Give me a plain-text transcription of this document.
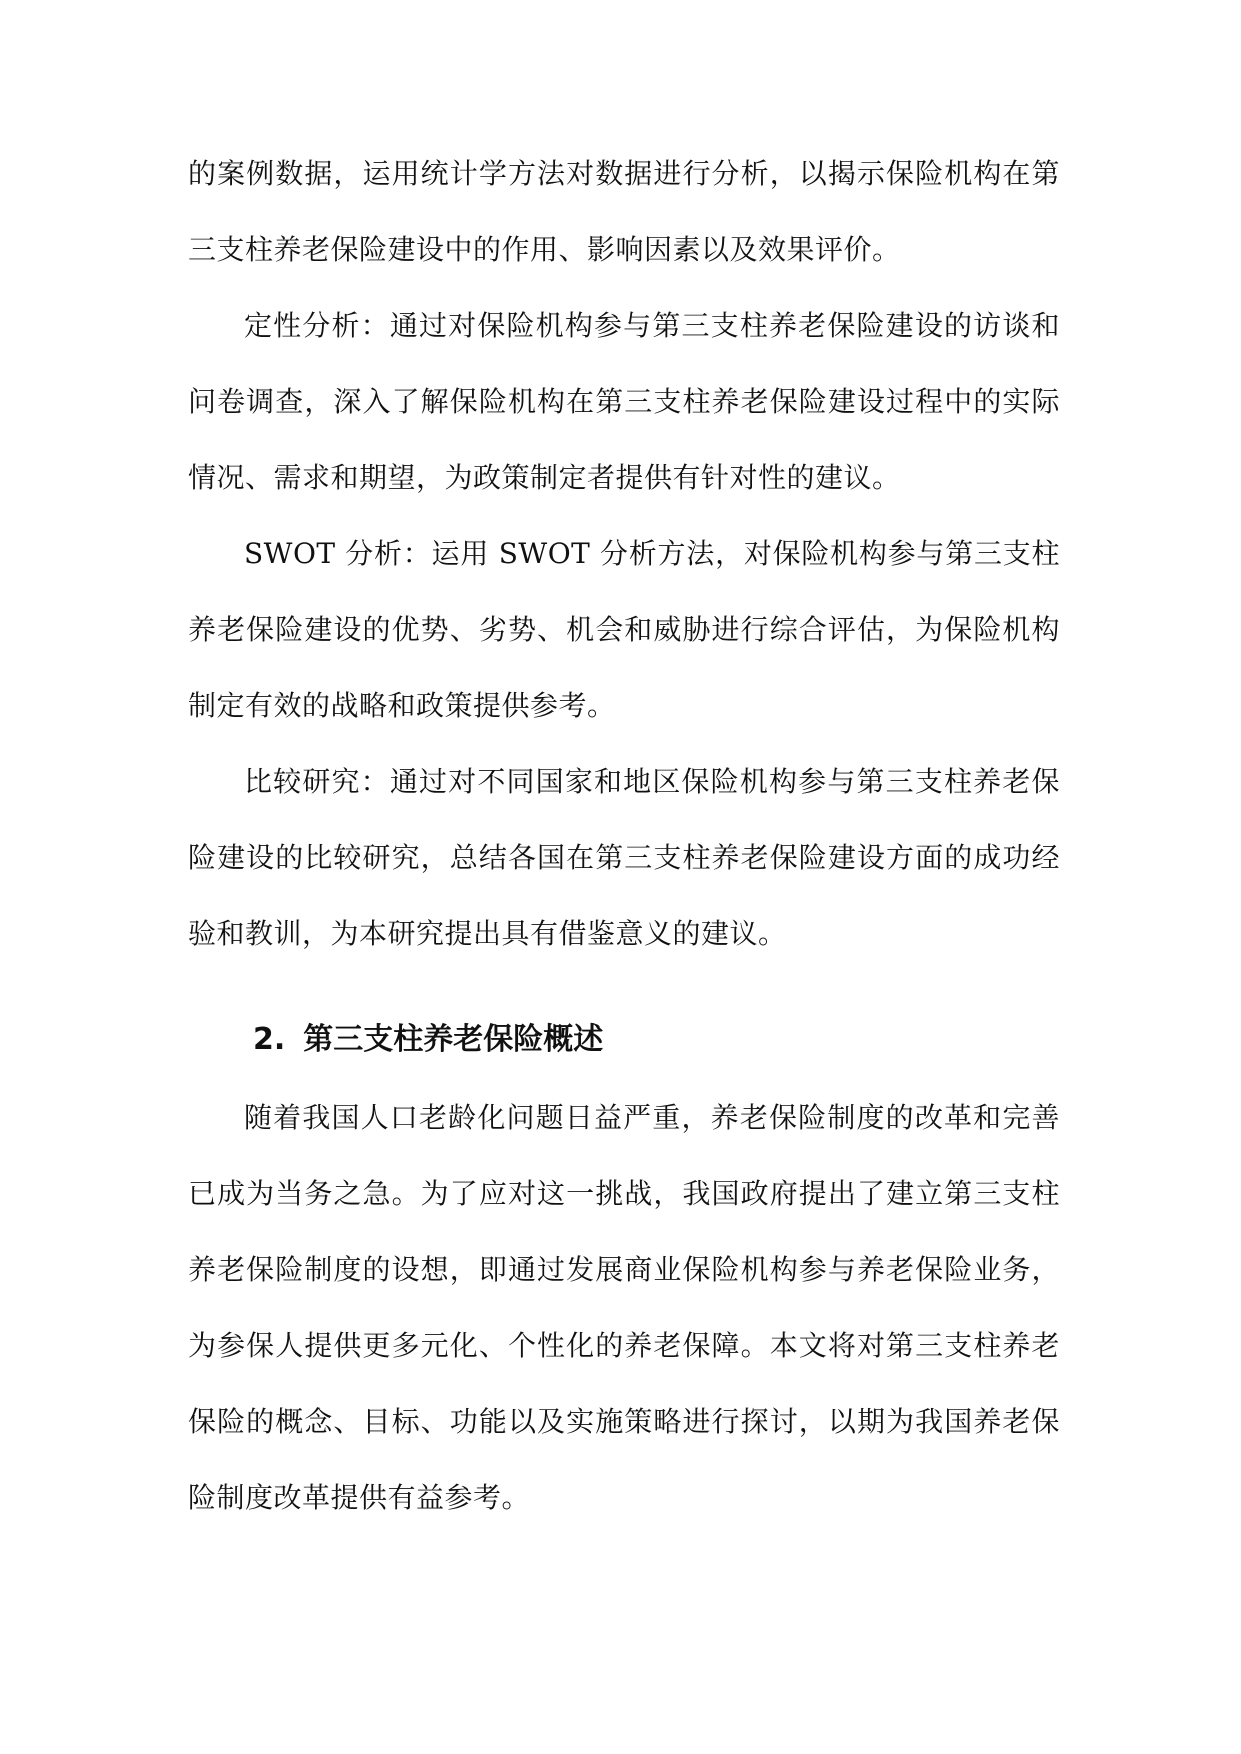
的案例数据，运用统计学方法对数据进行分析，以揭示保险机构在第三支柱养老保险建设中的作用、影响因素以及效果评价。

定性分析：通过对保险机构参与第三支柱养老保险建设的访谈和问卷调查，深入了解保险机构在第三支柱养老保险建设过程中的实际情况、需求和期望，为政策制定者提供有针对性的建议。

SWOT 分析：运用 SWOT 分析方法，对保险机构参与第三支柱养老保险建设的优势、劣势、机会和威胁进行综合评估，为保险机构制定有效的战略和政策提供参考。

比较研究：通过对不同国家和地区保险机构参与第三支柱养老保险建设的比较研究，总结各国在第三支柱养老保险建设方面的成功经验和教训，为本研究提出具有借鉴意义的建议。

2. 第三支柱养老保险概述

随着我国人口老龄化问题日益严重，养老保险制度的改革和完善已成为当务之急。为了应对这一挑战，我国政府提出了建立第三支柱养老保险制度的设想，即通过发展商业保险机构参与养老保险业务，为参保人提供更多元化、个性化的养老保障。本文将对第三支柱养老保险的概念、目标、功能以及实施策略进行探讨，以期为我国养老保险制度改革提供有益参考。
